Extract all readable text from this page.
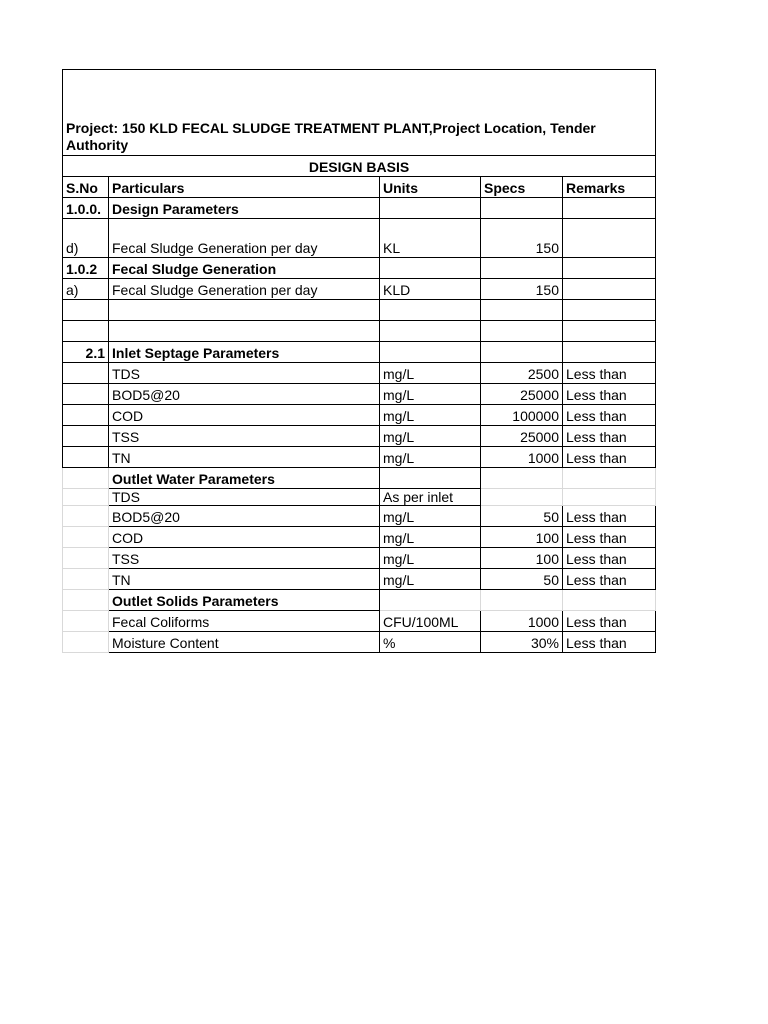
Project: 150 KLD FECAL SLUDGE TREATMENT PLANT,Project Location, Tender Authority				
DESIGN BASIS				
S.No	Particulars	Units	Specs	Remarks
1.0.0.	Design Parameters			
d)	Fecal Sludge Generation per day	KL	150	
1.0.2	Fecal Sludge Generation			
a)	Fecal Sludge Generation per day	KLD	150	

2.1	Inlet Septage Parameters			
	TDS	mg/L	2500	Less than
	BOD5@20	mg/L	25000	Less than
	COD	mg/L	100000	Less than
	TSS	mg/L	25000	Less than
	TN	mg/L	1000	Less than
	Outlet Water Parameters			
	TDS	As per inlet		
	BOD5@20	mg/L	50	Less than
	COD	mg/L	100	Less than
	TSS	mg/L	100	Less than
	TN	mg/L	50	Less than
	Outlet Solids Parameters			
	Fecal Coliforms	CFU/100ML	1000	Less than
	Moisture Content	%	30%	Less than
